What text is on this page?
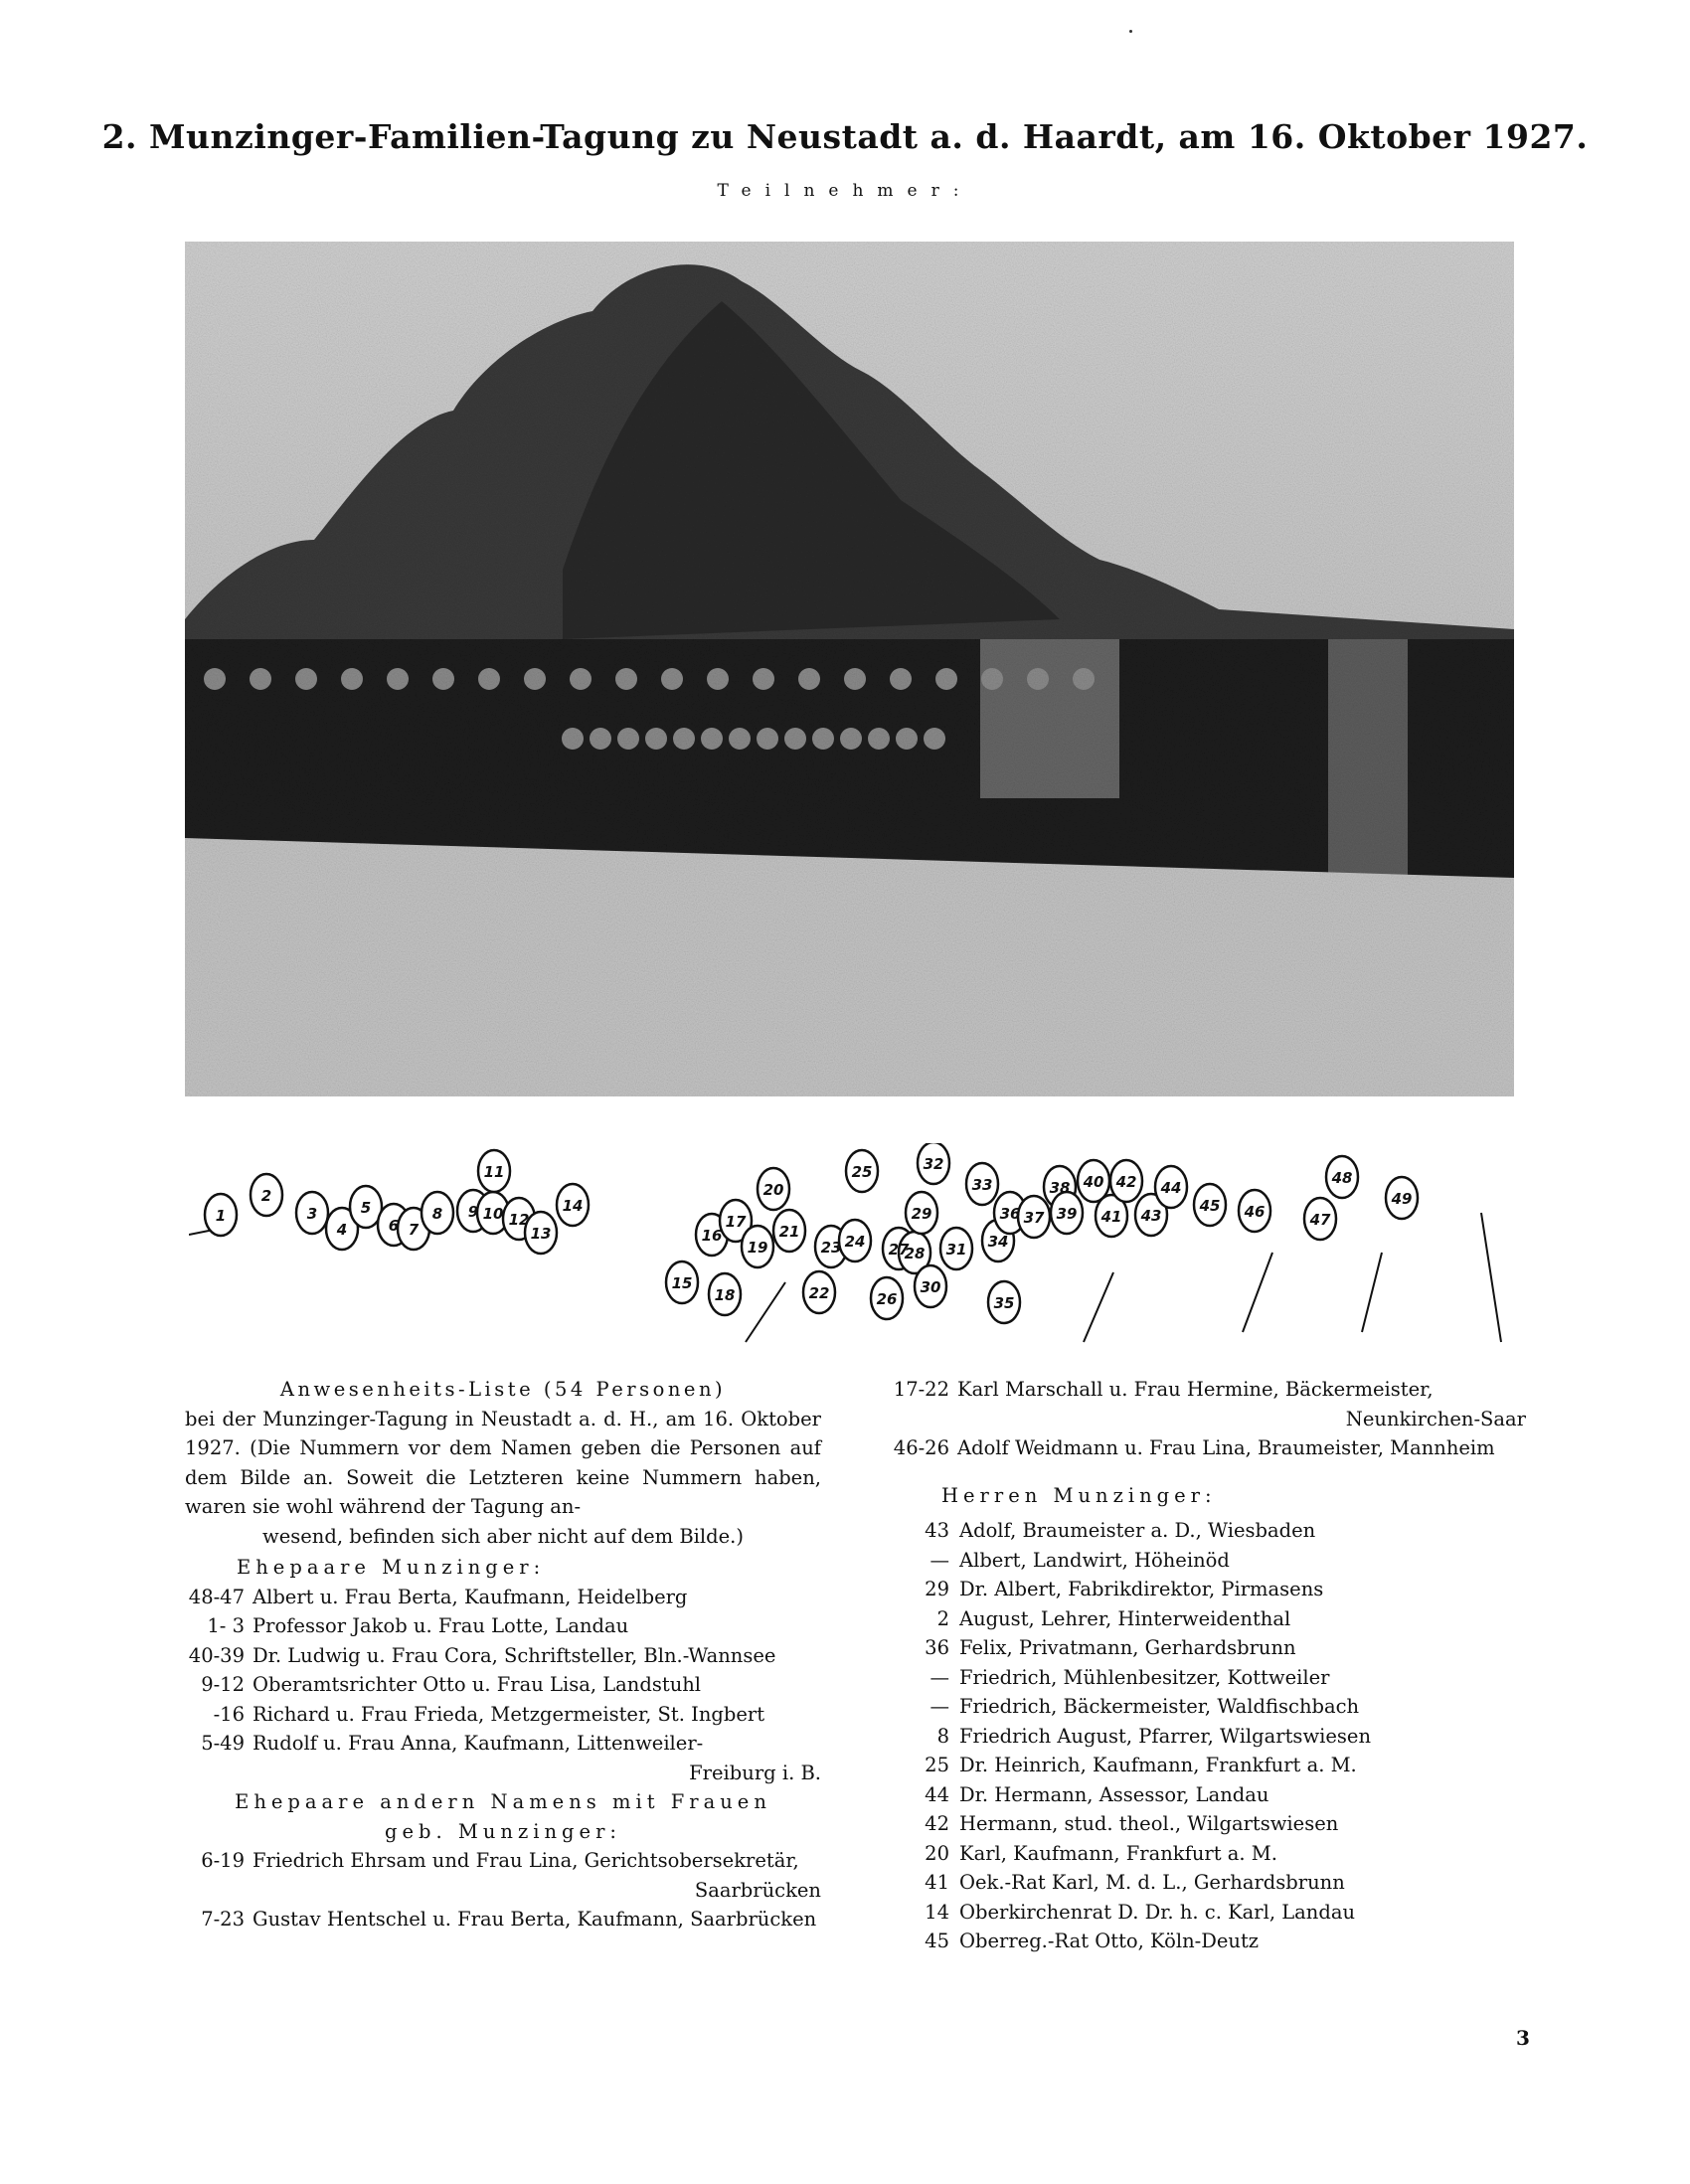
2. Munzinger-Familien-Tagung zu Neustadt a. d. Haardt, am 16. Oktober 1927.
Teilnehmer:
1
2
3
4
5
6 7
8 9 10
11
12
13
14
15
16
17
18
19
20
21
22
23 24
25
26
27
28
29
30
31
32
33
34
35
36 37
38
39
40
41
42
43
44
45 46	47
48
49
Anwesenheits-Liste (54 Personen)
bei der Munzinger-Tagung in Neustadt a. d. H., am 16. Oktober 1927. (Die Nummern vor dem Namen geben die Personen auf dem Bilde an. Soweit die Letzteren keine Nummern haben, waren sie wohl während der Tagung an-
wesend, befinden sich aber nicht auf dem Bilde.)
Ehepaare Munzinger:
48-47 Albert u. Frau Berta, Kaufmann, Heidelberg
1- 3 Professor Jakob u. Frau Lotte, Landau
40-39 Dr. Ludwig u. Frau Cora, Schriftsteller, Bln.-Wannsee
9-12 Oberamtsrichter Otto u. Frau Lisa, Landstuhl
-16 Richard u. Frau Frieda, Metzgermeister, St. Ingbert
5-49 Rudolf u. Frau Anna, Kaufmann, Littenweiler-
Freiburg i. B.
Ehepaare andern Namens mit Frauen
geb. Munzinger:
6-19 Friedrich Ehrsam und Frau Lina, Gerichtsobersekretär,
Saarbrücken
7-23 Gustav Hentschel u. Frau Berta, Kaufmann, Saarbrücken
17-22 Karl Marschall u. Frau Hermine, Bäckermeister,
Neunkirchen-Saar
46-26 Adolf Weidmann u. Frau Lina, Braumeister, Mannheim
Herren Munzinger:
43 Adolf, Braumeister a. D., Wiesbaden
— Albert, Landwirt, Höheinöd
29 Dr. Albert, Fabrikdirektor, Pirmasens
2 August, Lehrer, Hinterweidenthal
36 Felix, Privatmann, Gerhardsbrunn
— Friedrich, Mühlenbesitzer, Kottweiler
— Friedrich, Bäckermeister, Waldfischbach
8 Friedrich August, Pfarrer, Wilgartswiesen
25 Dr. Heinrich, Kaufmann, Frankfurt a. M.
44 Dr. Hermann, Assessor, Landau
42 Hermann, stud. theol., Wilgartswiesen
20 Karl, Kaufmann, Frankfurt a. M.
41 Oek.-Rat Karl, M. d. L., Gerhardsbrunn
14 Oberkirchenrat D. Dr. h. c. Karl, Landau
45 Oberreg.-Rat Otto, Köln-Deutz
3
